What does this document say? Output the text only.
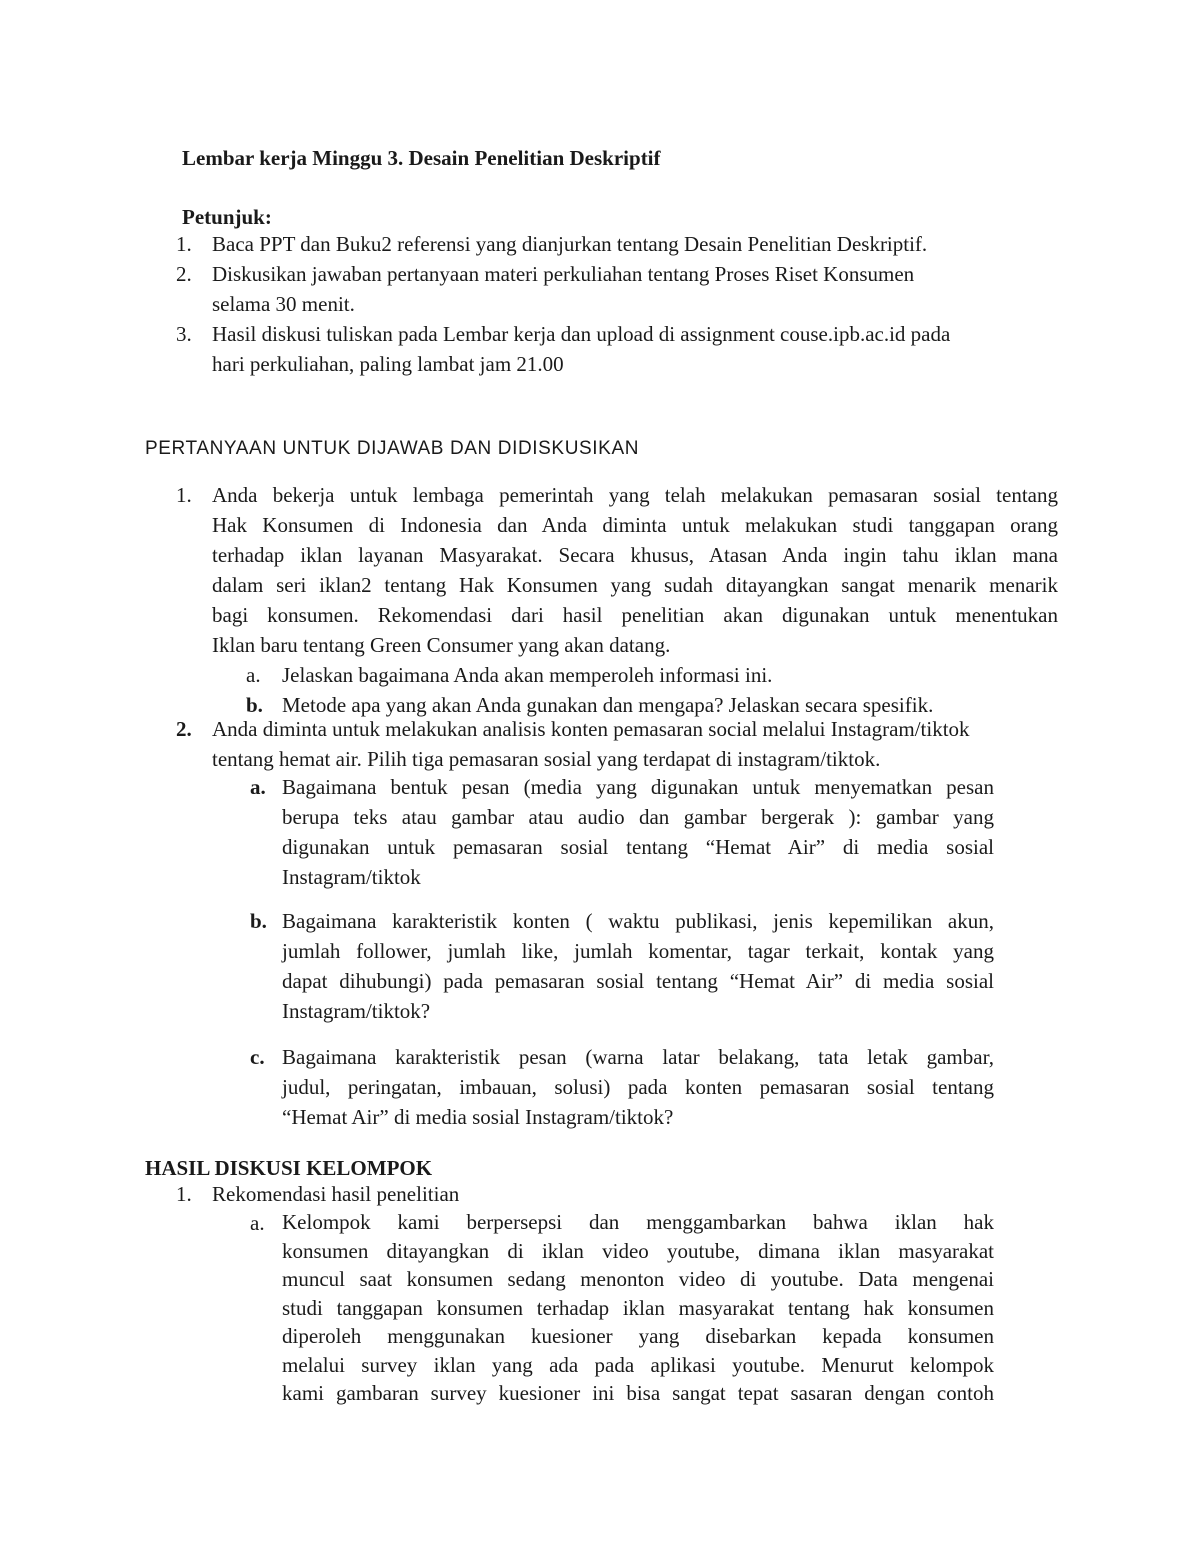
Lembar kerja Minggu 3. Desain Penelitian Deskriptif
Petunjuk:
1. Baca PPT dan Buku2 referensi yang dianjurkan tentang Desain Penelitian Deskriptif.
2. Diskusikan jawaban pertanyaan materi perkuliahan tentang Proses Riset Konsumen
selama 30 menit.
3. Hasil diskusi tuliskan pada Lembar kerja dan upload di assignment couse.ipb.ac.id pada
hari perkuliahan, paling lambat jam 21.00
PERTANYAAN UNTUK DIJAWAB DAN DIDISKUSIKAN
1. Anda bekerja untuk lembaga pemerintah yang telah melakukan pemasaran sosial tentang
Hak Konsumen di Indonesia dan Anda diminta untuk melakukan studi tanggapan orang
terhadap iklan layanan Masyarakat. Secara khusus, Atasan Anda ingin tahu iklan mana
dalam seri iklan2 tentang Hak Konsumen yang sudah ditayangkan sangat menarik menarik
bagi konsumen. Rekomendasi dari hasil penelitian akan digunakan untuk menentukan
Iklan baru tentang Green Consumer yang akan datang.
a. Jelaskan bagaimana Anda akan memperoleh informasi ini.
b. Metode apa yang akan Anda gunakan dan mengapa? Jelaskan secara spesifik.
2. Anda diminta untuk melakukan analisis konten pemasaran social melalui Instagram/tiktok
tentang hemat air. Pilih tiga pemasaran sosial yang terdapat di instagram/tiktok.
a. Bagaimana bentuk pesan (media yang digunakan untuk menyematkan pesan
berupa teks atau gambar atau audio dan gambar bergerak ): gambar yang
digunakan untuk pemasaran sosial tentang “Hemat Air” di media sosial
Instagram/tiktok
b. Bagaimana karakteristik konten ( waktu publikasi, jenis kepemilikan akun,
jumlah follower, jumlah like, jumlah komentar, tagar terkait, kontak yang
dapat dihubungi) pada pemasaran sosial tentang “Hemat Air” di media sosial
Instagram/tiktok?
c. Bagaimana karakteristik pesan (warna latar belakang, tata letak gambar,
judul, peringatan, imbauan, solusi) pada konten pemasaran sosial tentang
“Hemat Air” di media sosial Instagram/tiktok?
HASIL DISKUSI KELOMPOK
1. Rekomendasi hasil penelitian
a. Kelompok kami berpersepsi dan menggambarkan bahwa iklan hak
konsumen ditayangkan di iklan video youtube, dimana iklan masyarakat
muncul saat konsumen sedang menonton video di youtube. Data mengenai
studi tanggapan konsumen terhadap iklan masyarakat tentang hak konsumen
diperoleh menggunakan kuesioner yang disebarkan kepada konsumen
melalui survey iklan yang ada pada aplikasi youtube. Menurut kelompok
kami gambaran survey kuesioner ini bisa sangat tepat sasaran dengan contoh
